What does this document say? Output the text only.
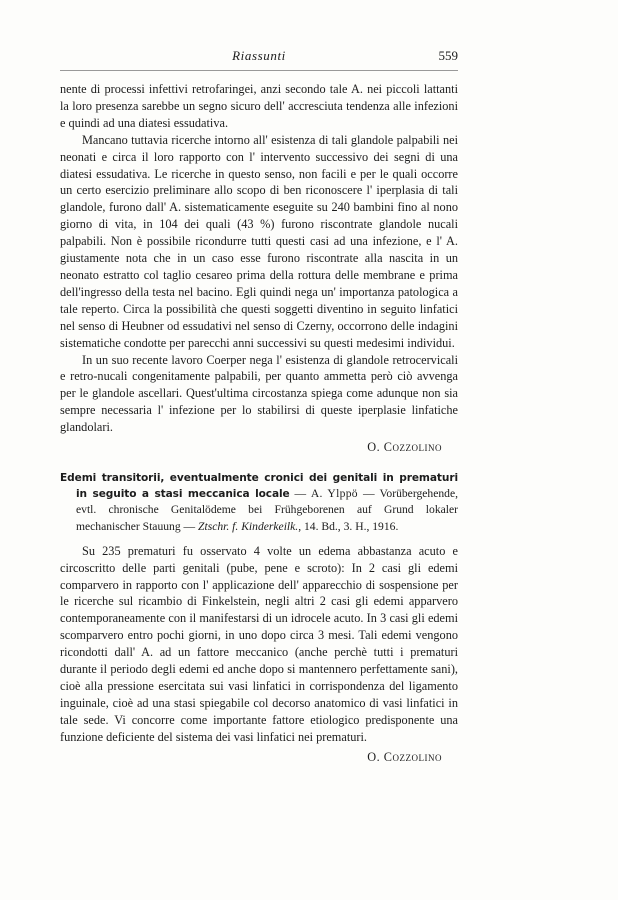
Riassunti	559

nente di processi infettivi retrofaringei, anzi secondo tale A. nei piccoli lattanti la loro presenza sarebbe un segno sicuro dell' accresciuta tendenza alle infezioni e quindi ad una diatesi essudativa.

Mancano tuttavia ricerche intorno all' esistenza di tali glandole palpabili nei neonati e circa il loro rapporto con l' intervento successivo dei segni di una diatesi essudativa. Le ricerche in questo senso, non facili e per le quali occorre un certo esercizio preliminare allo scopo di ben riconoscere l' iperplasia di tali glandole, furono dall' A. sistematicamente eseguite su 240 bambini fino al nono giorno di vita, in 104 dei quali (43 %) furono riscontrate glandole nucali palpabili. Non è possibile ricondurre tutti questi casi ad una infezione, e l' A. giustamente nota che in un caso esse furono riscontrate alla nascita in un neonato estratto col taglio cesareo prima della rottura delle membrane e prima dell'ingresso della testa nel bacino. Egli quindi nega un' importanza patologica a tale reperto. Circa la possibilità che questi soggetti diventino in seguito linfatici nel senso di Heubner od essudativi nel senso di Czerny, occorrono delle indagini sistematiche condotte per parecchi anni successivi su questi medesimi individui.

In un suo recente lavoro Coerper nega l' esistenza di glandole retrocervicali e retro-nucali congenitamente palpabili, per quanto ammetta però ciò avvenga per le glandole ascellari. Quest'ultima circostanza spiega come adunque non sia sempre necessaria l' infezione per lo stabilirsi di queste iperplasie linfatiche glandolari.

O. Cozzolino
Edemi transitorii, eventualmente cronici dei genitali in prematuri in seguito a stasi meccanica locale — A. Ylppö — Vorübergehende, evtl. chronische Genitalödeme bei Frühgeborenen auf Grund lokaler mechanischer Stauung — Ztschr. f. Kinderkeilk., 14. Bd., 3. H., 1916.

Su 235 prematuri fu osservato 4 volte un edema abbastanza acuto e circoscritto delle parti genitali (pube, pene e scroto): In 2 casi gli edemi comparvero in rapporto con l' applicazione dell' apparecchio di sospensione per le ricerche sul ricambio di Finkelstein, negli altri 2 casi gli edemi apparvero contemporaneamente con il manifestarsi di un idrocele acuto. In 3 casi gli edemi scomparvero entro pochi giorni, in uno dopo circa 3 mesi. Tali edemi vengono ricondotti dall' A. ad un fattore meccanico (anche perchè tutti i prematuri durante il periodo degli edemi ed anche dopo si mantennero perfettamente sani), cioè alla pressione esercitata sui vasi linfatici in corrispondenza del ligamento inguinale, cioè ad una stasi spiegabile col decorso anatomico di vasi linfatici in tale sede. Vi concorre come importante fattore etiologico predisponente una funzione deficiente del sistema dei vasi linfatici nei prematuri.

O. Cozzolino
